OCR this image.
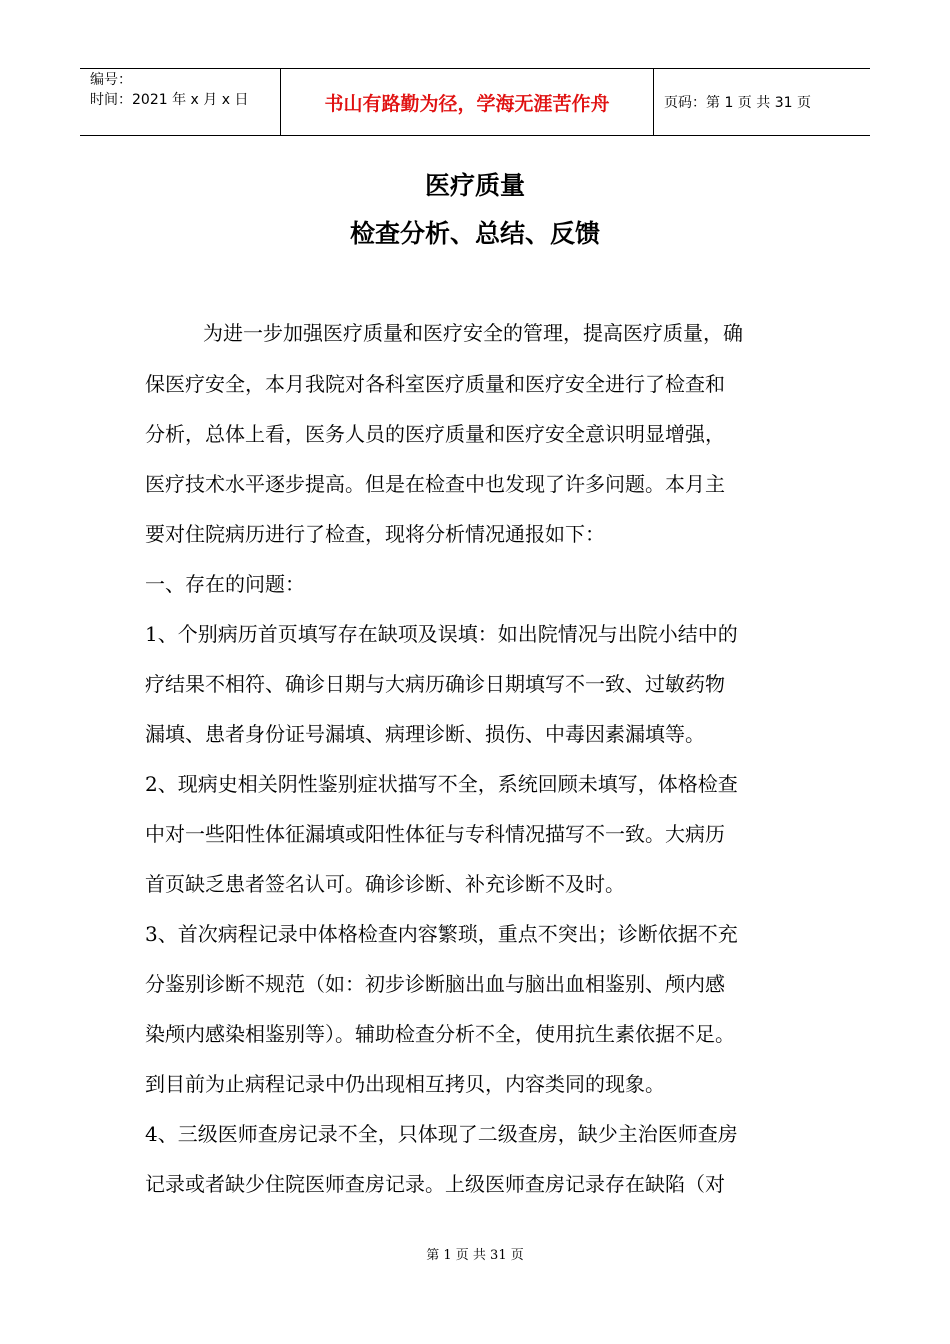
编号：
时间：2021 年 x 月 x 日	书山有路勤为径，学海无涯苦作舟	页码：第 1 页 共 31 页
医疗质量
检查分析、总结、反馈
为进一步加强医疗质量和医疗安全的管理，提高医疗质量，确
保医疗安全，本月我院对各科室医疗质量和医疗安全进行了检查和
分析，总体上看，医务人员的医疗质量和医疗安全意识明显增强，
医疗技术水平逐步提高。但是在检查中也发现了许多问题。本月主
要对住院病历进行了检查，现将分析情况通报如下：
一、存在的问题：
1、个别病历首页填写存在缺项及误填：如出院情况与出院小结中的
疗结果不相符、确诊日期与大病历确诊日期填写不一致、过敏药物
漏填、患者身份证号漏填、病理诊断、损伤、中毒因素漏填等。
2、现病史相关阴性鉴别症状描写不全，系统回顾未填写，体格检查
中对一些阳性体征漏填或阳性体征与专科情况描写不一致。大病历
首页缺乏患者签名认可。确诊诊断、补充诊断不及时。
3、首次病程记录中体格检查内容繁琐，重点不突出；诊断依据不充
分鉴别诊断不规范（如：初步诊断脑出血与脑出血相鉴别、颅内感
染颅内感染相鉴别等）。辅助检查分析不全，使用抗生素依据不足。
到目前为止病程记录中仍出现相互拷贝，内容类同的现象。
4、三级医师查房记录不全，只体现了二级查房，缺少主治医师查房
记录或者缺少住院医师查房记录。上级医师查房记录存在缺陷（对
第 1 页 共 31 页
